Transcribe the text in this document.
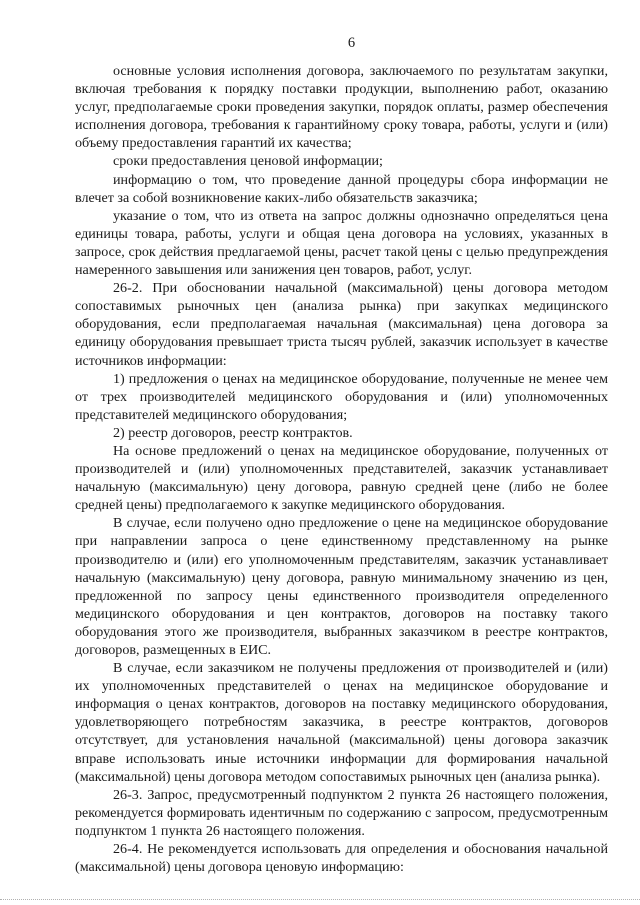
6

основные условия исполнения договора, заключаемого по результатам закупки, включая требования к порядку поставки продукции, выполнению работ, оказанию услуг, предполагаемые сроки проведения закупки, порядок оплаты, размер обеспечения исполнения договора, требования к гарантийному сроку товара, работы, услуги и (или) объему предоставления гарантий их качества;

сроки предоставления ценовой информации;

информацию о том, что проведение данной процедуры сбора информации не влечет за собой возникновение каких-либо обязательств заказчика;

указание о том, что из ответа на запрос должны однозначно определяться цена единицы товара, работы, услуги и общая цена договора на условиях, указанных в запросе, срок действия предлагаемой цены, расчет такой цены с целью предупреждения намеренного завышения или занижения цен товаров, работ, услуг.

26-2. При обосновании начальной (максимальной) цены договора методом сопоставимых рыночных цен (анализа рынка) при закупках медицинского оборудования, если предполагаемая начальная (максимальная) цена договора за единицу оборудования превышает триста тысяч рублей, заказчик использует в качестве источников информации:

1) предложения о ценах на медицинское оборудование, полученные не менее чем от трех производителей медицинского оборудования и (или) уполномоченных представителей медицинского оборудования;

2) реестр договоров, реестр контрактов.

На основе предложений о ценах на медицинское оборудование, полученных от производителей и (или) уполномоченных представителей, заказчик устанавливает начальную (максимальную) цену договора, равную средней цене (либо не более средней цены) предполагаемого к закупке медицинского оборудования.

В случае, если получено одно предложение о цене на медицинское оборудование при направлении запроса о цене единственному представленному на рынке производителю и (или) его уполномоченным представителям, заказчик устанавливает начальную (максимальную) цену договора, равную минимальному значению из цен, предложенной по запросу цены единственного производителя определенного медицинского оборудования и цен контрактов, договоров на поставку такого оборудования этого же производителя, выбранных заказчиком в реестре контрактов, договоров, размещенных в ЕИС.

В случае, если заказчиком не получены предложения от производителей и (или) их уполномоченных представителей о ценах на медицинское оборудование и информация о ценах контрактов, договоров на поставку медицинского оборудования, удовлетворяющего потребностям заказчика, в реестре контрактов, договоров отсутствует, для установления начальной (максимальной) цены договора заказчик вправе использовать иные источники информации для формирования начальной (максимальной) цены договора методом сопоставимых рыночных цен (анализа рынка).

26-3. Запрос, предусмотренный подпунктом 2 пункта 26 настоящего положения, рекомендуется формировать идентичным по содержанию с запросом, предусмотренным подпунктом 1 пункта 26 настоящего положения.

26-4. Не рекомендуется использовать для определения и обоснования начальной (максимальной) цены договора ценовую информацию:
